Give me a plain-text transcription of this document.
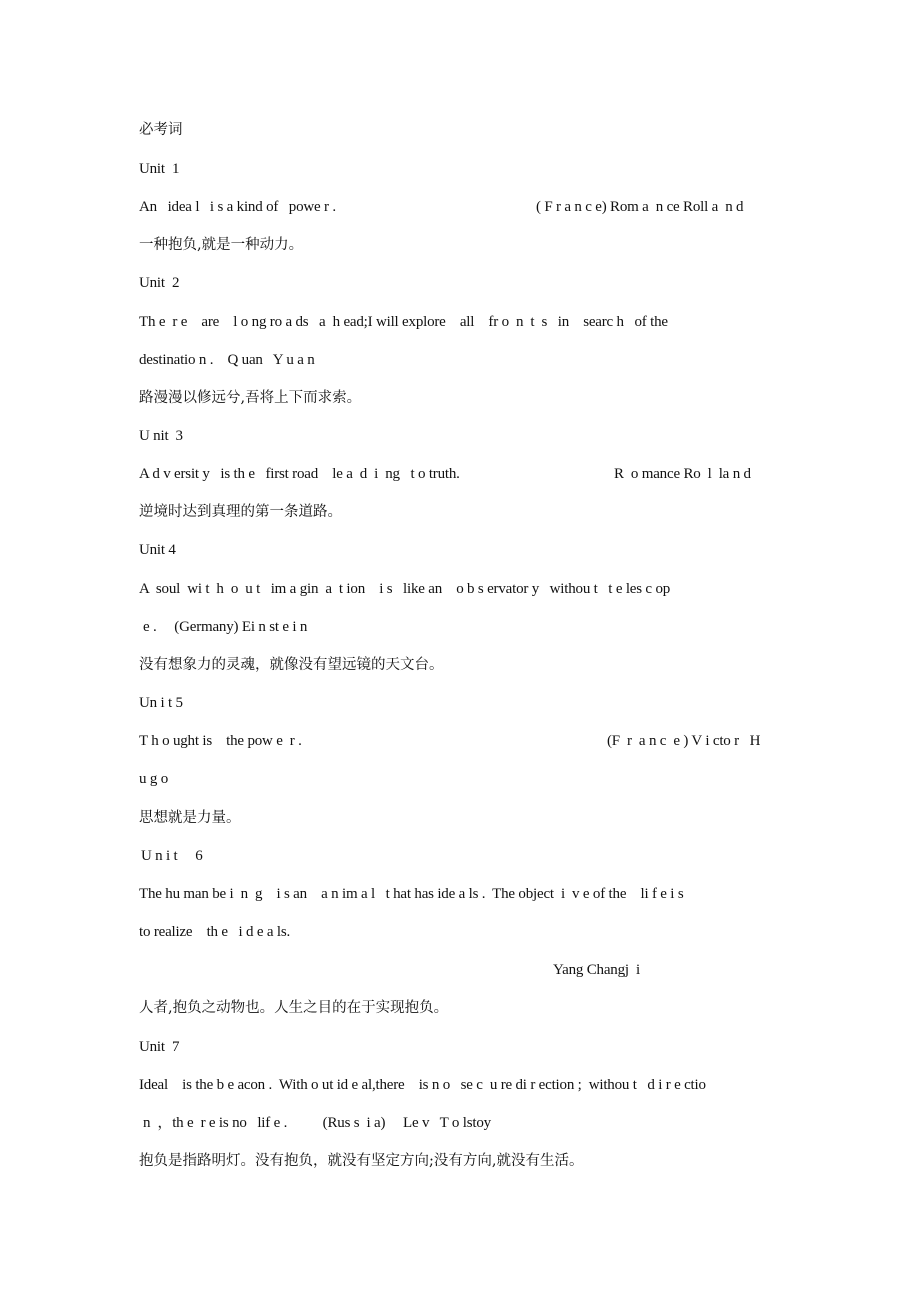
必考词
Unit  1
An   idea l   i s a kind of   powe r .	( F r a n c e) Rom a  n ce Roll a  n d
一种抱负,就是一种动力。
Unit  2
Th e  r e    are    l o ng ro a ds   a  h ead;I will explore    all    fr o  n  t  s   in    searc h   of the
destinatio n .    Q uan   Y u a n
路漫漫以修远兮,吾将上下而求索。
U nit  3
A d v ersit y   is th e   first road    le a  d  i  ng   t o truth.	R  o mance Ro  l  la n d
逆境时达到真理的第一条道路。
Unit 4
A  soul  wi t  h  o  u t   im a gin  a  t ion    i s   like an    o b s ervator y   withou t   t e les c op
e .     (Germany) Ei n st e i n
没有想象力的灵魂，就像没有望远镜的天文台。
Un i t 5
T h o ught is    the pow e  r .	(F  r  a n c  e ) V i cto r   H
u g o
思想就是力量。
U n i t     6
The hu man be i  n  g    i s an    a n im a l   t hat has ide a ls .  The object  i  v e of the    li f e i s
to realize    th e   i d e a ls.
Yang Changj  i
人者,抱负之动物也。人生之目的在于实现抱负。
Unit  7
Ideal    is the b e acon .  With o ut id e al,there    is n o   se c  u re di r ection ;  withou t   d i r e ctio
n  ，th e  r e is no   lif e .          (Rus s  i a)     Le v   T o lstoy
抱负是指路明灯。没有抱负，就没有坚定方向;没有方向,就没有生活。
